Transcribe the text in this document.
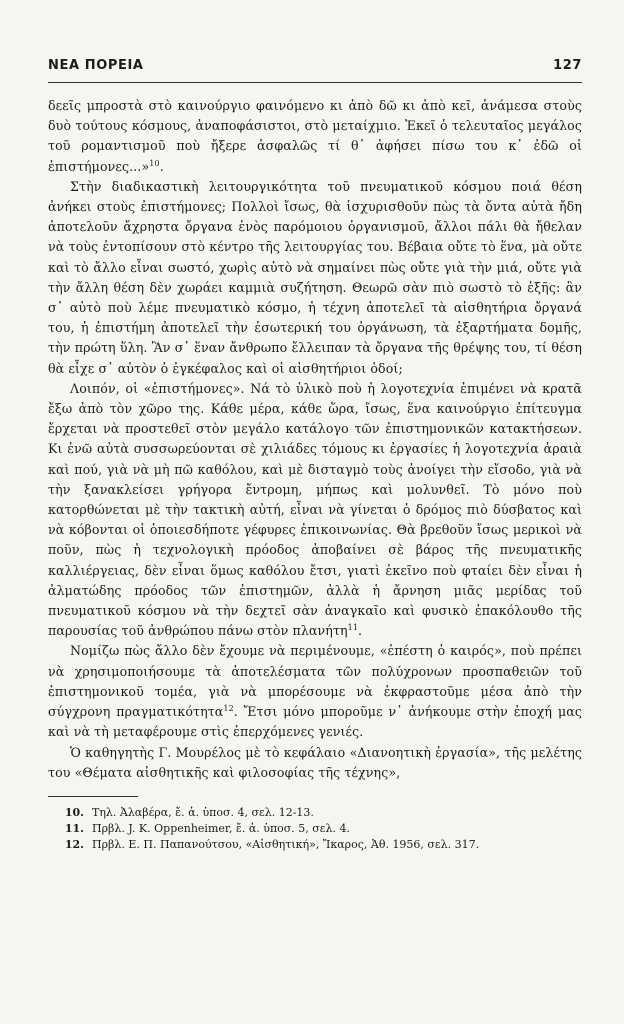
ΝΕΑ ΠΟΡΕΙΑ	127

δεεῖς μπροστὰ στὸ καινούργιο φαινόμενο κι ἀπὸ δῶ κι ἀπὸ κεῖ, ἀνάμεσα στοὺς δυὸ τούτους κόσμους, ἀναποφάσιστοι, στὸ μεταίχμιο. Ἐκεῖ ὁ τελευταῖος μεγάλος τοῦ ρομαντισμοῦ ποὺ ἤξερε ἀσφαλῶς τί θ᾽ ἀφήσει πίσω του κ᾽ ἐδῶ οἱ ἐπιστήμονες...»$^{10}$.

Στὴν διαδικαστικὴ λειτουργικότητα τοῦ πνευματικοῦ κόσμου ποιά θέση ἀνήκει στοὺς ἐπιστήμονες; Πολλοὶ ἴσως, θὰ ἰσχυρισθοῦν πὼς τὰ ὄντα αὐτὰ ἤδη ἀποτελοῦν ἄχρηστα ὄργανα ἑνὸς παρόμοιου ὀργανισμοῦ, ἄλλοι πάλι θὰ ἤθελαν νὰ τοὺς ἐντοπίσουν στὸ κέντρο τῆς λειτουργίας του. Βέβαια οὔτε τὸ ἕνα, μὰ οὔτε καὶ τὸ ἄλλο εἶναι σωστό, χωρὶς αὐτὸ νὰ σημαίνει πὼς οὔτε γιὰ τὴν μιά, οὔτε γιὰ τὴν ἄλλη θέση δὲν χωράει καμμιὰ συζήτηση. Θεωρῶ σὰν πιὸ σωστὸ τὸ ἑξῆς: ἂν σ᾽ αὐτὸ ποὺ λέμε πνευματικὸ κόσμο, ἡ τέχνη ἀποτελεῖ τὰ αἰσθητήρια ὄργανά του, ἡ ἐπιστήμη ἀποτελεῖ τὴν ἐσωτερική του ὀργάνωση, τὰ ἐξαρτήματα δομῆς, τὴν πρώτη ὕλη. Ἂν σ᾽ ἕναν ἄνθρωπο ἔλλειπαν τὰ ὄργανα τῆς θρέψης του, τί θέση θὰ εἶχε σ᾽ αὐτὸν ὁ ἐγκέφαλος καὶ οἱ αἰσθητήριοι ὁδοί;

Λοιπόν, οἱ «ἐπιστήμονες». Νά τὸ ὑλικὸ ποὺ ἡ λογοτεχνία ἐπιμένει νὰ κρατᾶ ἔξω ἀπὸ τὸν χῶρο της. Κάθε μέρα, κάθε ὥρα, ἴσως, ἕνα καινούργιο ἐπίτευγμα ἔρχεται νὰ προστεθεῖ στὸν μεγάλο κατάλογο τῶν ἐπιστημονικῶν κατακτήσεων. Κι ἐνῶ αὐτὰ συσσωρεύονται σὲ χιλιάδες τόμους κι ἐργασίες ἡ λογοτεχνία ἀραιὰ καὶ πού, γιὰ νὰ μὴ πῶ καθόλου, καὶ μὲ δισταγμὸ τοὺς ἀνοίγει τὴν εἴσοδο, γιὰ νὰ τὴν ξανακλείσει γρήγορα ἔντρομη, μήπως καὶ μολυνθεῖ. Τὸ μόνο ποὺ κατορθώνεται μὲ τὴν τακτικὴ αὐτή, εἶναι νὰ γίνεται ὁ δρόμος πιὸ δύσβατος καὶ νὰ κόβονται οἱ ὁποιεσδήποτε γέφυρες ἐπικοινωνίας. Θὰ βρεθοῦν ἴσως μερικοὶ νὰ ποῦν, πὼς ἡ τεχνολογικὴ πρόοδος ἀποβαίνει σὲ βάρος τῆς πνευματικῆς καλλιέργειας, δὲν εἶναι ὅμως καθόλου ἔτσι, γιατὶ ἐκεῖνο ποὺ φταίει δὲν εἶναι ἡ ἀλματώδης πρόοδος τῶν ἐπιστημῶν, ἀλλὰ ἡ ἄρνηση μιᾶς μερίδας τοῦ πνευματικοῦ κόσμου νὰ τὴν δεχτεῖ σὰν ἀναγκαῖο καὶ φυσικὸ ἐπακόλουθο τῆς παρουσίας τοῦ ἀνθρώπου πάνω στὸν πλανήτη$^{11}$.

Νομίζω πὼς ἄλλο δὲν ἔχουμε νὰ περιμένουμε, «ἐπέστη ὁ καιρός», ποὺ πρέπει νὰ χρησιμοποιήσουμε τὰ ἀποτελέσματα τῶν πολύχρονων προσπαθειῶν τοῦ ἐπιστημονικοῦ τομέα, γιὰ νὰ μπορέσουμε νὰ ἐκφραστοῦμε μέσα ἀπὸ τὴν σύγχρονη πραγματικότητα$^{12}$. Ἔτσι μόνο μποροῦμε ν᾽ ἀνήκουμε στὴν ἐποχή μας καὶ νὰ τὴ μεταφέρουμε στὶς ἐπερχόμενες γενιές.

Ὁ καθηγητὴς Γ. Μουρέλος μὲ τὸ κεφάλαιο «Διανοητικὴ ἐργασία», τῆς μελέτης του «Θέματα αἰσθητικῆς καὶ φιλοσοφίας τῆς τέχνης»,

10. Τηλ. Ἀλαβέρα, ἔ. ἀ. ὑποσ. 4, σελ. 12-13.
11. Πρβλ. J. K. Oppenheimer, ἔ. ἀ. ὑποσ. 5, σελ. 4.
12. Πρβλ. Ε. Π. Παπανούτσου, «Αἰσθητική», Ἴκαρος, Ἀθ. 1956, σελ. 317.
